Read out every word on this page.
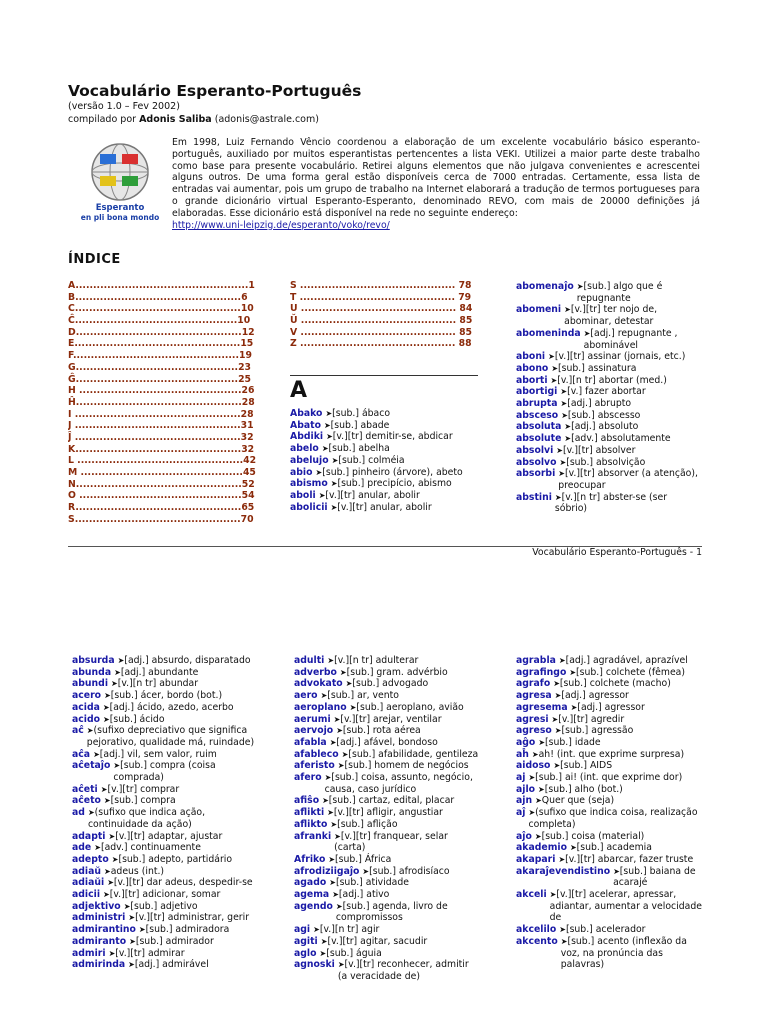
Vocabulário Esperanto-Português
(versão 1.0 – Fev 2002)
compilado por Adonis Saliba (adonis@astrale.com)
Esperanto
en pli bona mondo
Em 1998, Luiz Fernando Vêncio coordenou a elaboração de um excelente vocabulário básico esperanto-português, auxiliado por muitos esperantistas pertencentes a lista VEKI. Utilizei a maior parte deste trabalho como base para presente vocabulário. Retirei alguns elementos que não julgava convenientes e acrescentei alguns outros. De uma forma geral estão disponíveis cerca de 7000 entradas. Certamente, essa lista de entradas vai aumentar, pois um grupo de trabalho na Internet elaborará a tradução de termos portugueses para o grande dicionário virtual Esperanto-Esperanto, denominado REVO, com mais de 20000 definições já elaboradas. Esse dicionário está disponível na rede no seguinte endereço:
http://www.uni-leipzig.de/esperanto/voko/revo/
ÍNDICE
A.................................................1
B...............................................6
C...............................................10
Ĉ..............................................10
D...............................................12
E...............................................15
F...............................................19
G..............................................23
Ĝ..............................................25
H ..............................................26
Ĥ...............................................28
I ...............................................28
J ...............................................31
Ĵ ...............................................32
K...............................................32
L ...............................................42
M ..............................................45
N...............................................52
O ..............................................54
R...............................................65
S...............................................70
Ŝ ............................................ 78
T ............................................ 79
U ............................................ 84
Ŭ ............................................ 85
V ............................................ 85
Z ............................................ 88
A
Abako ➤[sub.] ábaco
Abato ➤[sub.] abade
Abdiki ➤[v.][tr] demitir-se, abdicar
abelo ➤[sub.] abelha
abelujo ➤[sub.] colméia
abio ➤[sub.] pinheiro (árvore), abeto
abismo ➤[sub.] precipício, abismo
aboli ➤[v.][tr] anular, abolir
abolicii ➤[v.][tr] anular, abolir
abomenaĵo ➤[sub.] algo que é repugnante
abomeni ➤[v.][tr] ter nojo de, abominar, detestar
abomeninda ➤[adj.] repugnante , abominável
aboni ➤[v.][tr] assinar (jornais, etc.)
abono ➤[sub.] assinatura
aborti ➤[v.][n tr] abortar (med.)
abortigi ➤[v.] fazer abortar
abrupta ➤[adj.] abrupto
absceso ➤[sub.] abscesso
absoluta ➤[adj.] absoluto
absolute ➤[adv.] absolutamente
absolvi ➤[v.][tr] absolver
absolvo ➤[sub.] absolvição
absorbi ➤[v.][tr] absorver (a atenção), preocupar
abstini ➤[v.][n tr] abster-se (ser sóbrio)
Vocabulário Esperanto-Português - 1
absurda ➤[adj.] absurdo, disparatado
abunda ➤[adj.] abundante
abundi ➤[v.][n tr] abundar
acero ➤[sub.] ácer, bordo (bot.)
acida ➤[adj.] ácido, azedo, acerbo
acido ➤[sub.] ácido
aĉ ➤(sufixo depreciativo que significa pejorativo, qualidade má, ruindade)
aĉa ➤[adj.] vil, sem valor, ruim
aĉetaĵo ➤[sub.] compra (coisa comprada)
aĉeti ➤[v.][tr] comprar
aĉeto ➤[sub.] compra
ad ➤(sufixo que indica ação, continuidade da ação)
adapti ➤[v.][tr] adaptar, ajustar
ade ➤[adv.] continuamente
adepto ➤[sub.] adepto, partidário
adiaŭ ➤adeus (int.)
adiaŭi ➤[v.][tr] dar adeus, despedir-se
adicii ➤[v.][tr] adicionar, somar
adjektivo ➤[sub.] adjetivo
administri ➤[v.][tr] administrar, gerir
admirantino ➤[sub.] admiradora
admiranto ➤[sub.] admirador
admiri ➤[v.][tr] admirar
admirinda ➤[adj.] admirável
adulti ➤[v.][n tr] adulterar
adverbo ➤[sub.] gram. advérbio
advokato ➤[sub.] advogado
aero ➤[sub.] ar, vento
aeroplano ➤[sub.] aeroplano, avião
aerumi ➤[v.][tr] arejar, ventilar
aervojo ➤[sub.] rota aérea
afabla ➤[adj.] afável, bondoso
afableco ➤[sub.] afabilidade, gentileza
aferisto ➤[sub.] homem de negócios
afero ➤[sub.] coisa, assunto, negócio, causa, caso jurídico
afiŝo ➤[sub.] cartaz, edital, placar
aflikti ➤[v.][tr] afligir, angustiar
aflikto ➤[sub.] aflição
afranki ➤[v.][tr] franquear, selar (carta)
Afriko ➤[sub.] África
afrodiziigaĵo ➤[sub.] afrodisíaco
agado ➤[sub.] atividade
agema ➤[adj.] ativo
agendo ➤[sub.] agenda, livro de compromissos
agi ➤[v.][n tr] agir
agiti ➤[v.][tr] agitar, sacudir
aglo ➤[sub.] águia
agnoski ➤[v.][tr] reconhecer, admitir (a veracidade de)
agrabla ➤[adj.] agradável, aprazível
agrafingo ➤[sub.] colchete (fêmea)
agrafo ➤[sub.] colchete (macho)
agresa ➤[adj.] agressor
agresema ➤[adj.] agressor
agresi ➤[v.][tr] agredir
agreso ➤[sub.] agressão
aĝo ➤[sub.] idade
aĥ ➤ah! (int. que exprime surpresa)
aidoso ➤[sub.] AIDS
aj ➤[sub.] ai! (int. que exprime dor)
ajlo ➤[sub.] alho (bot.)
ajn ➤Quer que (seja)
aĵ ➤(sufixo que indica coisa, realização completa)
aĵo ➤[sub.] coisa (material)
akademio ➤[sub.] academia
akapari ➤[v.][tr] abarcar, fazer truste
akaraĵevendistino ➤[sub.] baiana de acarajé
akceli ➤[v.][tr] acelerar, apressar, adiantar, aumentar a velocidade de
akcelilo ➤[sub.] acelerador
akcento ➤[sub.] acento (inflexão da voz, na pronúncia das palavras)
